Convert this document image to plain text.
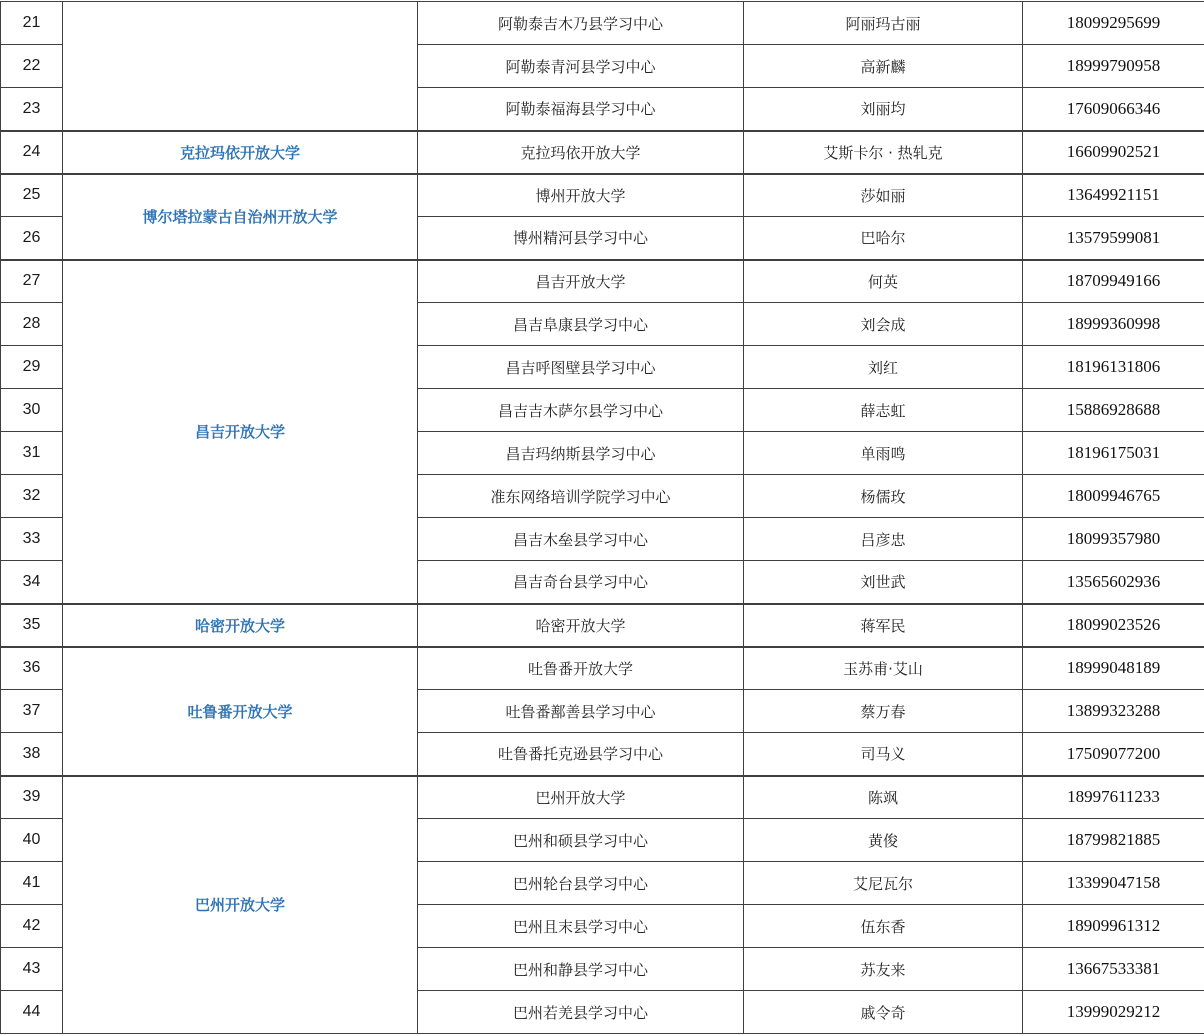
21		阿勒泰吉木乃县学习中心	阿丽玛古丽	18099295699
22		阿勒泰青河县学习中心	高新麟	18999790958
23		阿勒泰福海县学习中心	刘丽均	17609066346
24	克拉玛依开放大学	克拉玛依开放大学	艾斯卡尔 · 热轧克	16609902521
25	博尔塔拉蒙古自治州开放大学	博州开放大学	莎如丽	13649921151
26		博州精河县学习中心	巴哈尔	13579599081
27	昌吉开放大学	昌吉开放大学	何英	18709949166
28		昌吉阜康县学习中心	刘会成	18999360998
29		昌吉呼图壁县学习中心	刘红	18196131806
30		昌吉吉木萨尔县学习中心	薛志虹	15886928688
31		昌吉玛纳斯县学习中心	单雨鸣	18196175031
32		准东网络培训学院学习中心	杨儒玫	18009946765
33		昌吉木垒县学习中心	吕彦忠	18099357980
34		昌吉奇台县学习中心	刘世武	13565602936
35	哈密开放大学	哈密开放大学	蒋军民	18099023526
36	吐鲁番开放大学	吐鲁番开放大学	玉苏甫·艾山	18999048189
37		吐鲁番鄯善县学习中心	蔡万春	13899323288
38		吐鲁番托克逊县学习中心	司马义	17509077200
39	巴州开放大学	巴州开放大学	陈飒	18997611233
40		巴州和硕县学习中心	黄俊	18799821885
41		巴州轮台县学习中心	艾尼瓦尔	13399047158
42		巴州且末县学习中心	伍东香	18909961312
43		巴州和静县学习中心	苏友来	13667533381
44		巴州若羌县学习中心	戚令奇	13999029212
